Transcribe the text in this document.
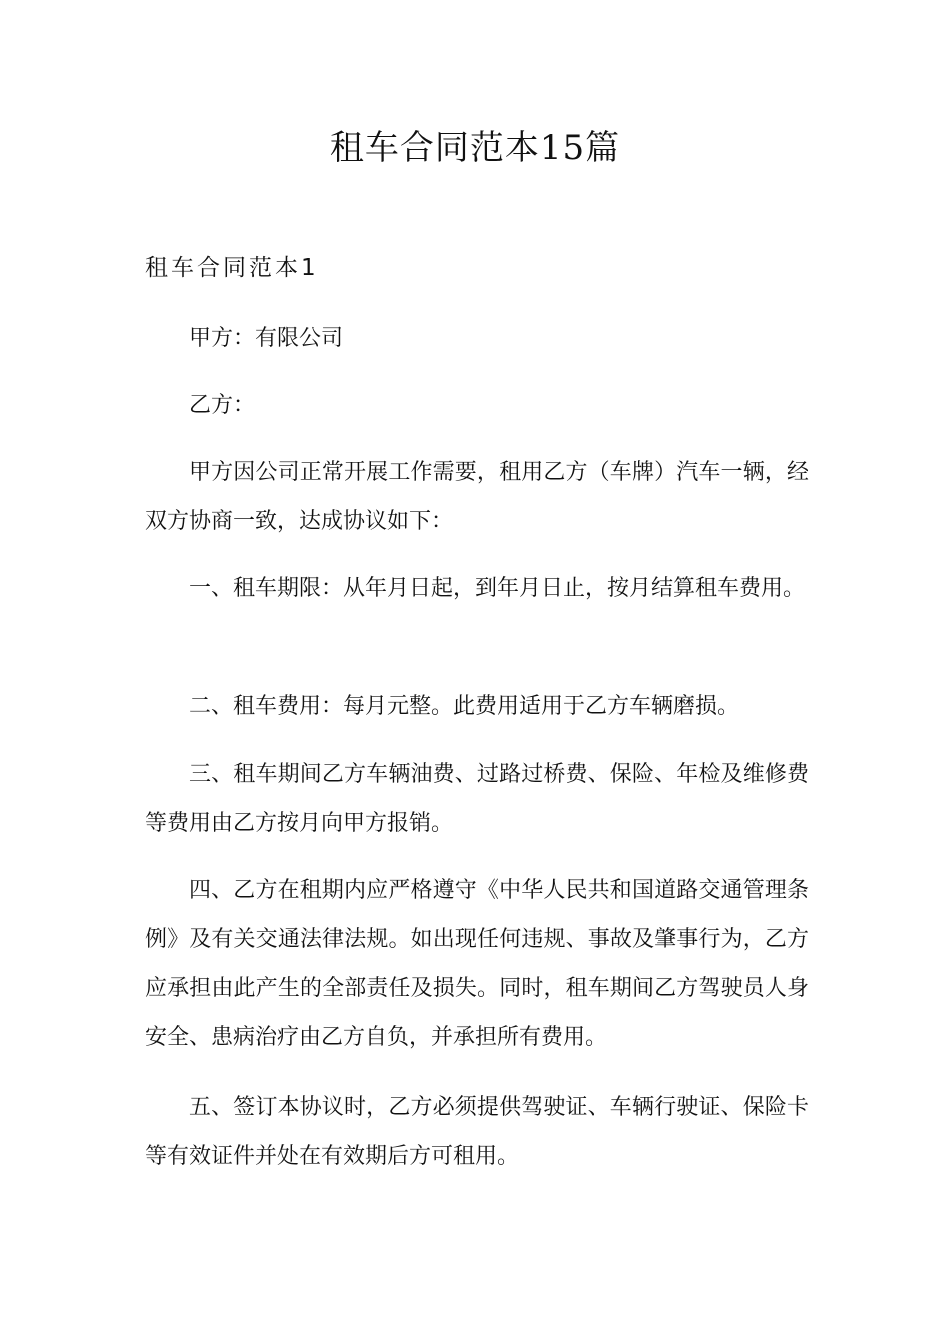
租车合同范本15篇
租车合同范本1

甲方：有限公司

乙方：

甲方因公司正常开展工作需要，租用乙方（车牌）汽车一辆，经双方协商一致，达成协议如下：

一、租车期限：从年月日起，到年月日止，按月结算租车费用。

二、租车费用：每月元整。此费用适用于乙方车辆磨损。

三、租车期间乙方车辆油费、过路过桥费、保险、年检及维修费等费用由乙方按月向甲方报销。

四、乙方在租期内应严格遵守《中华人民共和国道路交通管理条例》及有关交通法律法规。如出现任何违规、事故及肇事行为，乙方应承担由此产生的全部责任及损失。同时，租车期间乙方驾驶员人身安全、患病治疗由乙方自负，并承担所有费用。

五、签订本协议时，乙方必须提供驾驶证、车辆行驶证、保险卡等有效证件并处在有效期后方可租用。
